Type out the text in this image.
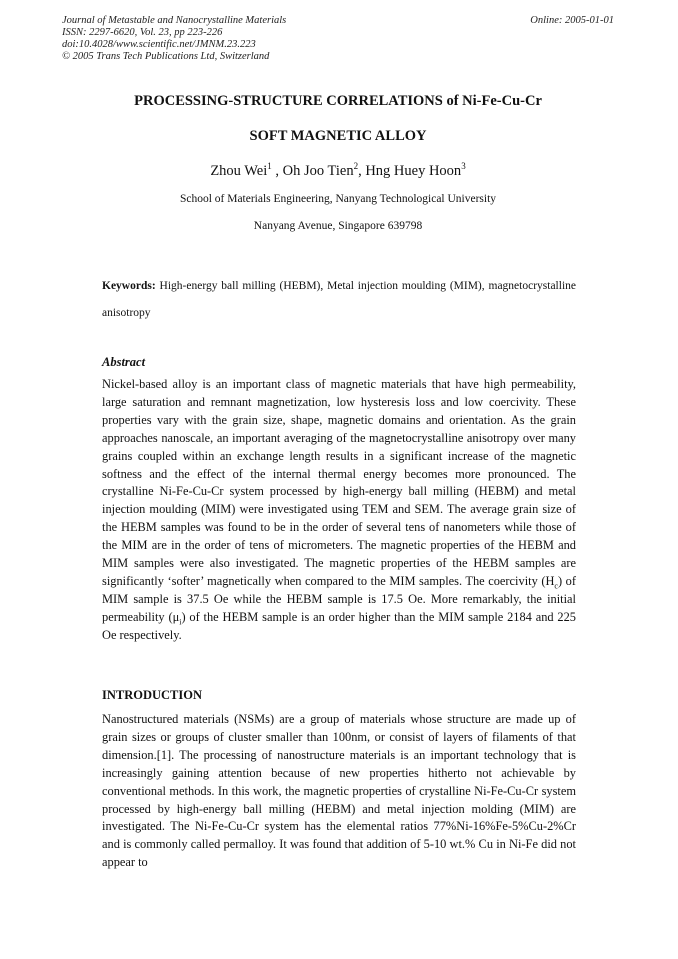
Journal of Metastable and Nanocrystalline Materials
ISSN: 2297-6620, Vol. 23, pp 223-226
doi:10.4028/www.scientific.net/JMNM.23.223
© 2005 Trans Tech Publications Ltd, Switzerland
Online: 2005-01-01
PROCESSING-STRUCTURE CORRELATIONS of Ni-Fe-Cu-Cr
SOFT MAGNETIC ALLOY
Zhou Wei$^1$ , Oh Joo Tien$^2$, Hng Huey Hoon$^3$
School of Materials Engineering, Nanyang Technological University
Nanyang Avenue, Singapore 639798
Keywords: High-energy ball milling (HEBM), Metal injection moulding (MIM), magnetocrystalline anisotropy
Abstract
Nickel-based alloy is an important class of magnetic materials that have high permeability, large saturation and remnant magnetization, low hysteresis loss and low coercivity. These properties vary with the grain size, shape, magnetic domains and orientation. As the grain approaches nanoscale, an important averaging of the magnetocrystalline anisotropy over many grains coupled within an exchange length results in a significant increase of the magnetic softness and the effect of the internal thermal energy becomes more pronounced. The crystalline Ni-Fe-Cu-Cr system processed by high-energy ball milling (HEBM) and metal injection moulding (MIM) were investigated using TEM and SEM. The average grain size of the HEBM samples was found to be in the order of several tens of nanometers while those of the MIM are in the order of tens of micrometers. The magnetic properties of the HEBM and MIM samples were also investigated. The magnetic properties of the HEBM samples are significantly ‘softer’ magnetically when compared to the MIM samples. The coercivity $(H_c)$ of MIM sample is 37.5 Oe while the HEBM sample is 17.5 Oe. More remarkably, the initial permeability $(\mu_i)$ of the HEBM sample is an order higher than the MIM sample 2184 and 225 Oe respectively.
INTRODUCTION
Nanostructured materials (NSMs) are a group of materials whose structure are made up of grain sizes or groups of cluster smaller than 100nm, or consist of layers of filaments of that dimension.[1]. The processing of nanostructure materials is an important technology that is increasingly gaining attention because of new properties hitherto not achievable by conventional methods. In this work, the magnetic properties of crystalline Ni-Fe-Cu-Cr system processed by high-energy ball milling (HEBM) and metal injection molding (MIM) are investigated. The Ni-Fe-Cu-Cr system has the elemental ratios 77%Ni-16%Fe-5%Cu-2%Cr and is commonly called permalloy. It was found that addition of 5-10 wt.% Cu in Ni-Fe did not appear to
